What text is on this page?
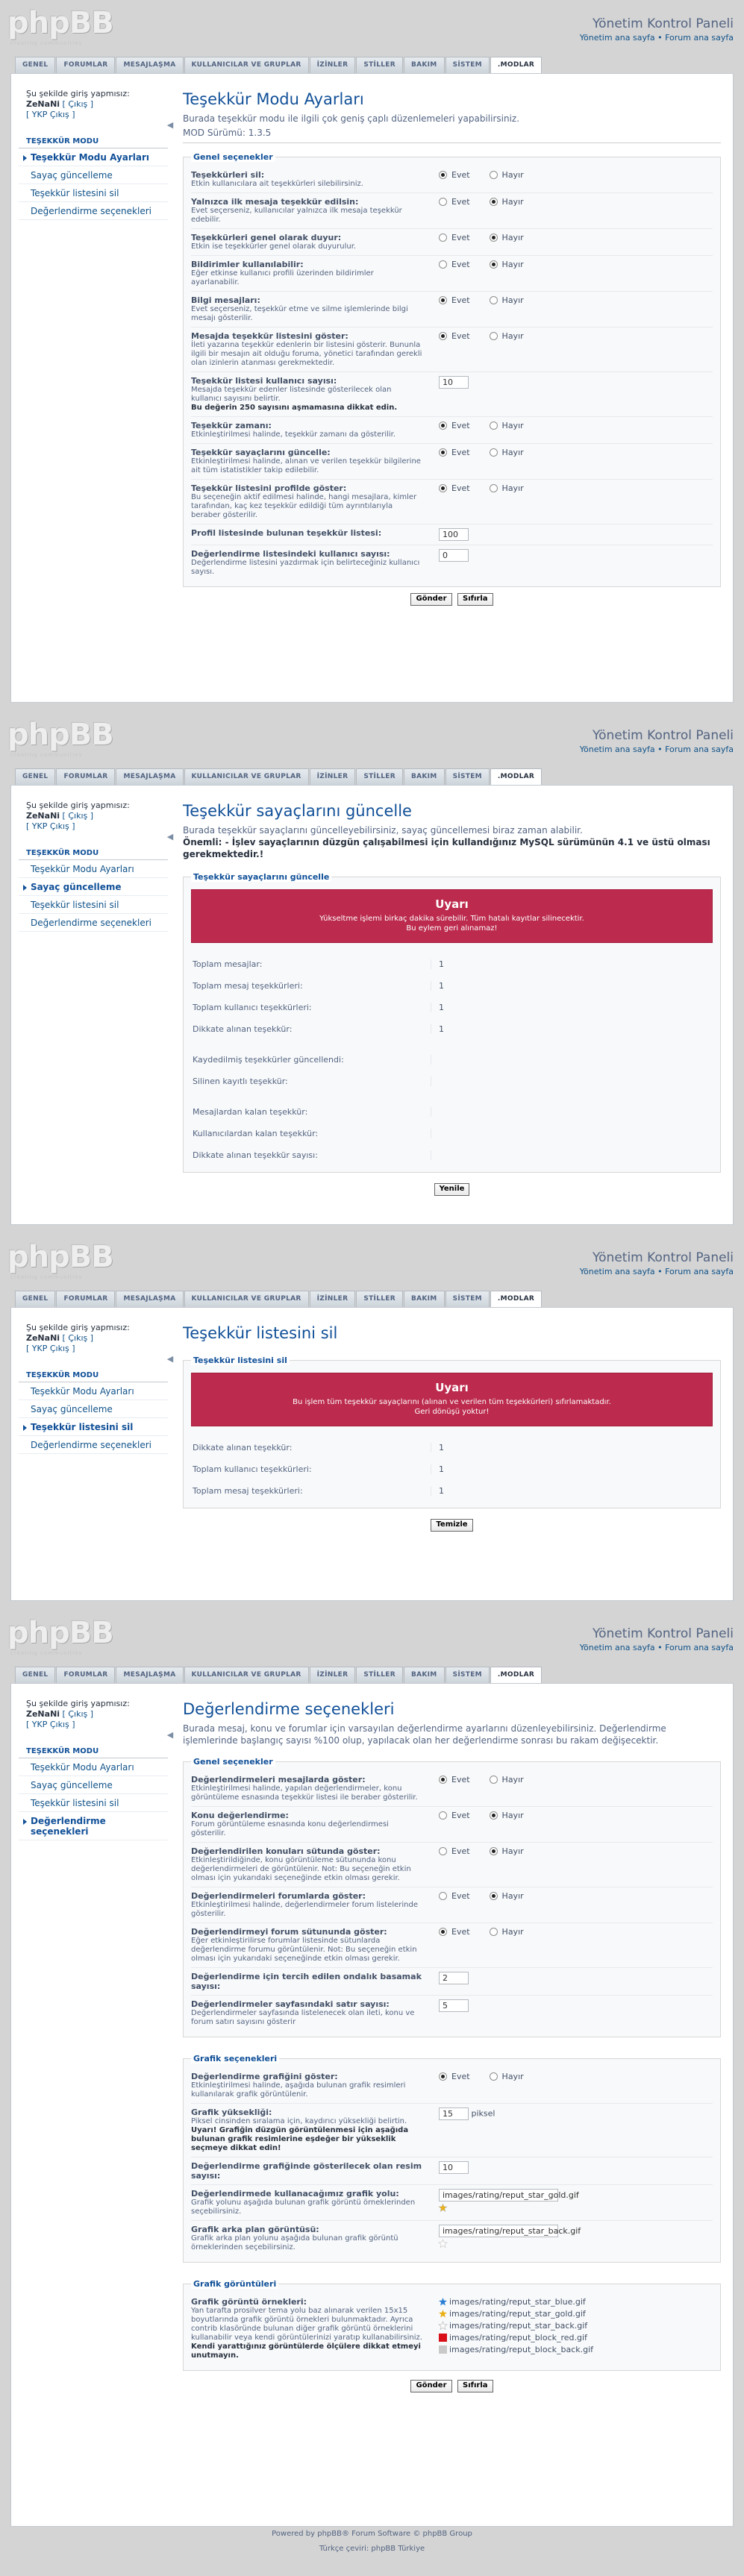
phpBB
creating communities
Yönetim Kontrol Paneli
Yönetim ana sayfa • Forum ana sayfa
GENEL	FORUMLAR	MESAJLAŞMA	KULLANICILAR VE GRUPLAR	İZİNLER	STİLLER	BAKIM	SİSTEM	.MODLAR
Şu şekilde giriş yapmısız:
ZeNaNi [ Çıkış ]
[ YKP Çıkış ]
◀
TEŞEKKÜR MODU
Teşekkür Modu Ayarları
Sayaç güncelleme
Teşekkür listesini sil
Değerlendirme seçenekleri
Teşekkür Modu Ayarları
Burada teşekkür modu ile ilgili çok geniş çaplı düzenlemeleri yapabilirsiniz.
MOD Sürümü: 1.3.5
Genel seçenekler
Teşekkürleri sil:
Etkin kullanıcılara ait teşekkürleri silebilirsiniz.
Evet	Hayır
Yalnızca ilk mesaja teşekkür edilsin:
Evet seçerseniz, kullanıcılar yalnızca ilk mesaja teşekkür edebilir.
Evet	Hayır
Teşekkürleri genel olarak duyur:
Etkin ise teşekkürler genel olarak duyurulur.
Evet	Hayır
Bildirimler kullanılabilir:
Eğer etkinse kullanıcı profili üzerinden bildirimler ayarlanabilir.
Evet	Hayır
Bilgi mesajları:
Evet seçerseniz, teşekkür etme ve silme işlemlerinde bilgi mesajı gösterilir.
Evet	Hayır
Mesajda teşekkür listesini göster:
İleti yazarına teşekkür edenlerin bir listesini gösterir. Bununla ilgili bir mesajın ait olduğu foruma, yönetici tarafından gerekli olan izinlerin atanması gerekmektedir.
Evet	Hayır
Teşekkür listesi kullanıcı sayısı:
Mesajda teşekkür edenler listesinde gösterilecek olan kullanıcı sayısını belirtir.
Bu değerin 250 sayısını aşmamasına dikkat edin.
10
Teşekkür zamanı:
Etkinleştirilmesi halinde, teşekkür zamanı da gösterilir.
Evet	Hayır
Teşekkür sayaçlarını güncelle:
Etkinleştirilmesi halinde, alınan ve verilen teşekkür bilgilerine ait tüm istatistikler takip edilebilir.
Evet	Hayır
Teşekkür listesini profilde göster:
Bu seçeneğin aktif edilmesi halinde, hangi mesajlara, kimler tarafından, kaç kez teşekkür edildiği tüm ayrıntılarıyla beraber gösterilir.
Evet	Hayır
Profil listesinde bulunan teşekkür listesi:	100
Değerlendirme listesindeki kullanıcı sayısı:
Değerlendirme listesini yazdırmak için belirteceğiniz kullanıcı sayısı.
0
Gönder Sıfırla
phpBB
creating communities
Yönetim Kontrol Paneli
Yönetim ana sayfa • Forum ana sayfa
GENEL	FORUMLAR	MESAJLAŞMA	KULLANICILAR VE GRUPLAR	İZİNLER	STİLLER	BAKIM	SİSTEM	.MODLAR
Şu şekilde giriş yapmısız:
ZeNaNi [ Çıkış ]
[ YKP Çıkış ]
◀
TEŞEKKÜR MODU
Teşekkür Modu Ayarları
Sayaç güncelleme
Teşekkür listesini sil
Değerlendirme seçenekleri
Teşekkür sayaçlarını güncelle
Burada teşekkür sayaçlarını güncelleyebilirsiniz, sayaç güncellemesi biraz zaman alabilir.
Önemli: - İşlev sayaçlarının düzgün çalışabilmesi için kullandığınız MySQL sürümünün 4.1 ve üstü olması gerekmektedir.!
Teşekkür sayaçlarını güncelle
Uyarı
Yükseltme işlemi birkaç dakika sürebilir. Tüm hatalı kayıtlar silinecektir.
Bu eylem geri alınamaz!
Toplam mesajlar:	1
Toplam mesaj teşekkürleri:	1
Toplam kullanıcı teşekkürleri:	1
Dikkate alınan teşekkür:	1
Kaydedilmiş teşekkürler güncellendi:
Silinen kayıtlı teşekkür:
Mesajlardan kalan teşekkür:
Kullanıcılardan kalan teşekkür:
Dikkate alınan teşekkür sayısı:
Yenile
phpBB
creating communities
Yönetim Kontrol Paneli
Yönetim ana sayfa • Forum ana sayfa
GENEL	FORUMLAR	MESAJLAŞMA	KULLANICILAR VE GRUPLAR	İZİNLER	STİLLER	BAKIM	SİSTEM	.MODLAR
Şu şekilde giriş yapmısız:
ZeNaNi [ Çıkış ]
[ YKP Çıkış ]
◀
TEŞEKKÜR MODU
Teşekkür Modu Ayarları
Sayaç güncelleme
Teşekkür listesini sil
Değerlendirme seçenekleri
Teşekkür listesini sil
Teşekkür listesini sil
Uyarı
Bu işlem tüm teşekkür sayaçlarını (alınan ve verilen tüm teşekkürleri) sıfırlamaktadır.
Geri dönüşü yoktur!
Dikkate alınan teşekkür:	1
Toplam kullanıcı teşekkürleri:	1
Toplam mesaj teşekkürleri:	1
Temizle
phpBB
creating communities
Yönetim Kontrol Paneli
Yönetim ana sayfa • Forum ana sayfa
GENEL	FORUMLAR	MESAJLAŞMA	KULLANICILAR VE GRUPLAR	İZİNLER	STİLLER	BAKIM	SİSTEM	.MODLAR
Şu şekilde giriş yapmısız:
ZeNaNi [ Çıkış ]
[ YKP Çıkış ]
◀
TEŞEKKÜR MODU
Teşekkür Modu Ayarları
Sayaç güncelleme
Teşekkür listesini sil
Değerlendirme seçenekleri
Değerlendirme seçenekleri
Burada mesaj, konu ve forumlar için varsayılan değerlendirme ayarlarını düzenleyebilirsiniz. Değerlendirme işlemlerinde başlangıç sayısı %100 olup, yapılacak olan her değerlendirme sonrası bu rakam değişecektir.
Genel seçenekler
Değerlendirmeleri mesajlarda göster:
Etkinleştirilmesi halinde, yapılan değerlendirmeler, konu görüntüleme esnasında teşekkür listesi ile beraber gösterilir.
Evet	Hayır
Konu değerlendirme:
Forum görüntüleme esnasında konu değerlendirmesi gösterilir.
Evet	Hayır
Değerlendirilen konuları sütunda göster:
Etkinleştirildiğinde, konu görüntüleme sütununda konu değerlendirmeleri de görüntülenir. Not: Bu seçeneğin etkin olması için yukarıdaki seçeneğinde etkin olması gerekir.
Evet	Hayır
Değerlendirmeleri forumlarda göster:
Etkinleştirilmesi halinde, değerlendirmeler forum listelerinde gösterilir.
Evet	Hayır
Değerlendirmeyi forum sütununda göster:
Eğer etkinleştirilirse forumlar listesinde sütunlarda değerlendirme forumu görüntülenir. Not: Bu seçeneğin etkin olması için yukarıdaki seçeneğinde etkin olması gerekir.
Evet	Hayır
Değerlendirme için tercih edilen ondalık basamak sayısı:
2
Değerlendirmeler sayfasındaki satır sayısı:
Değerlendirmeler sayfasında listelenecek olan ileti, konu ve forum satırı sayısını gösterir
5
Grafik seçenekleri
Değerlendirme grafiğini göster:
Etkinleştirilmesi halinde, aşağıda bulunan grafik resimleri kullanılarak grafik görüntülenir.
Evet	Hayır
Grafik yüksekliği:
Piksel cinsinden sıralama için, kaydırıcı yüksekliği belirtin.
Uyarı! Grafiğin düzgün görüntülenmesi için aşağıda bulunan grafik resimlerine eşdeğer bir yükseklik seçmeye dikkat edin!
15 piksel
Değerlendirme grafiğinde gösterilecek olan resim sayısı:
10
Değerlendirmede kullanacağımız grafik yolu:
Grafik yolunu aşağıda bulunan grafik görüntü örneklerinden seçebilirsiniz.
images/rating/reput_star_gold.gif
Grafik arka plan görüntüsü:
Grafik arka plan yolunu aşağıda bulunan grafik görüntü örneklerinden seçebilirsiniz.
images/rating/reput_star_back.gif
Grafik görüntüleri
Grafik görüntü örnekleri:
Yan tarafta prosilver tema yolu baz alınarak verilen 15x15 boyutlarında grafik görüntü örnekleri bulunmaktadır. Ayrıca contrib klasöründe bulunan diğer grafik görüntü örneklerini kullanabilir veya kendi görüntülerinizi yaratıp kullanabilirsiniz.
Kendi yarattığınız görüntülerde ölçülere dikkat etmeyi unutmayın.
images/rating/reput_star_blue.gif
images/rating/reput_star_gold.gif
images/rating/reput_star_back.gif
images/rating/reput_block_red.gif
images/rating/reput_block_back.gif
Gönder Sıfırla
Powered by phpBB® Forum Software © phpBB Group
Türkçe çeviri: phpBB Türkiye
